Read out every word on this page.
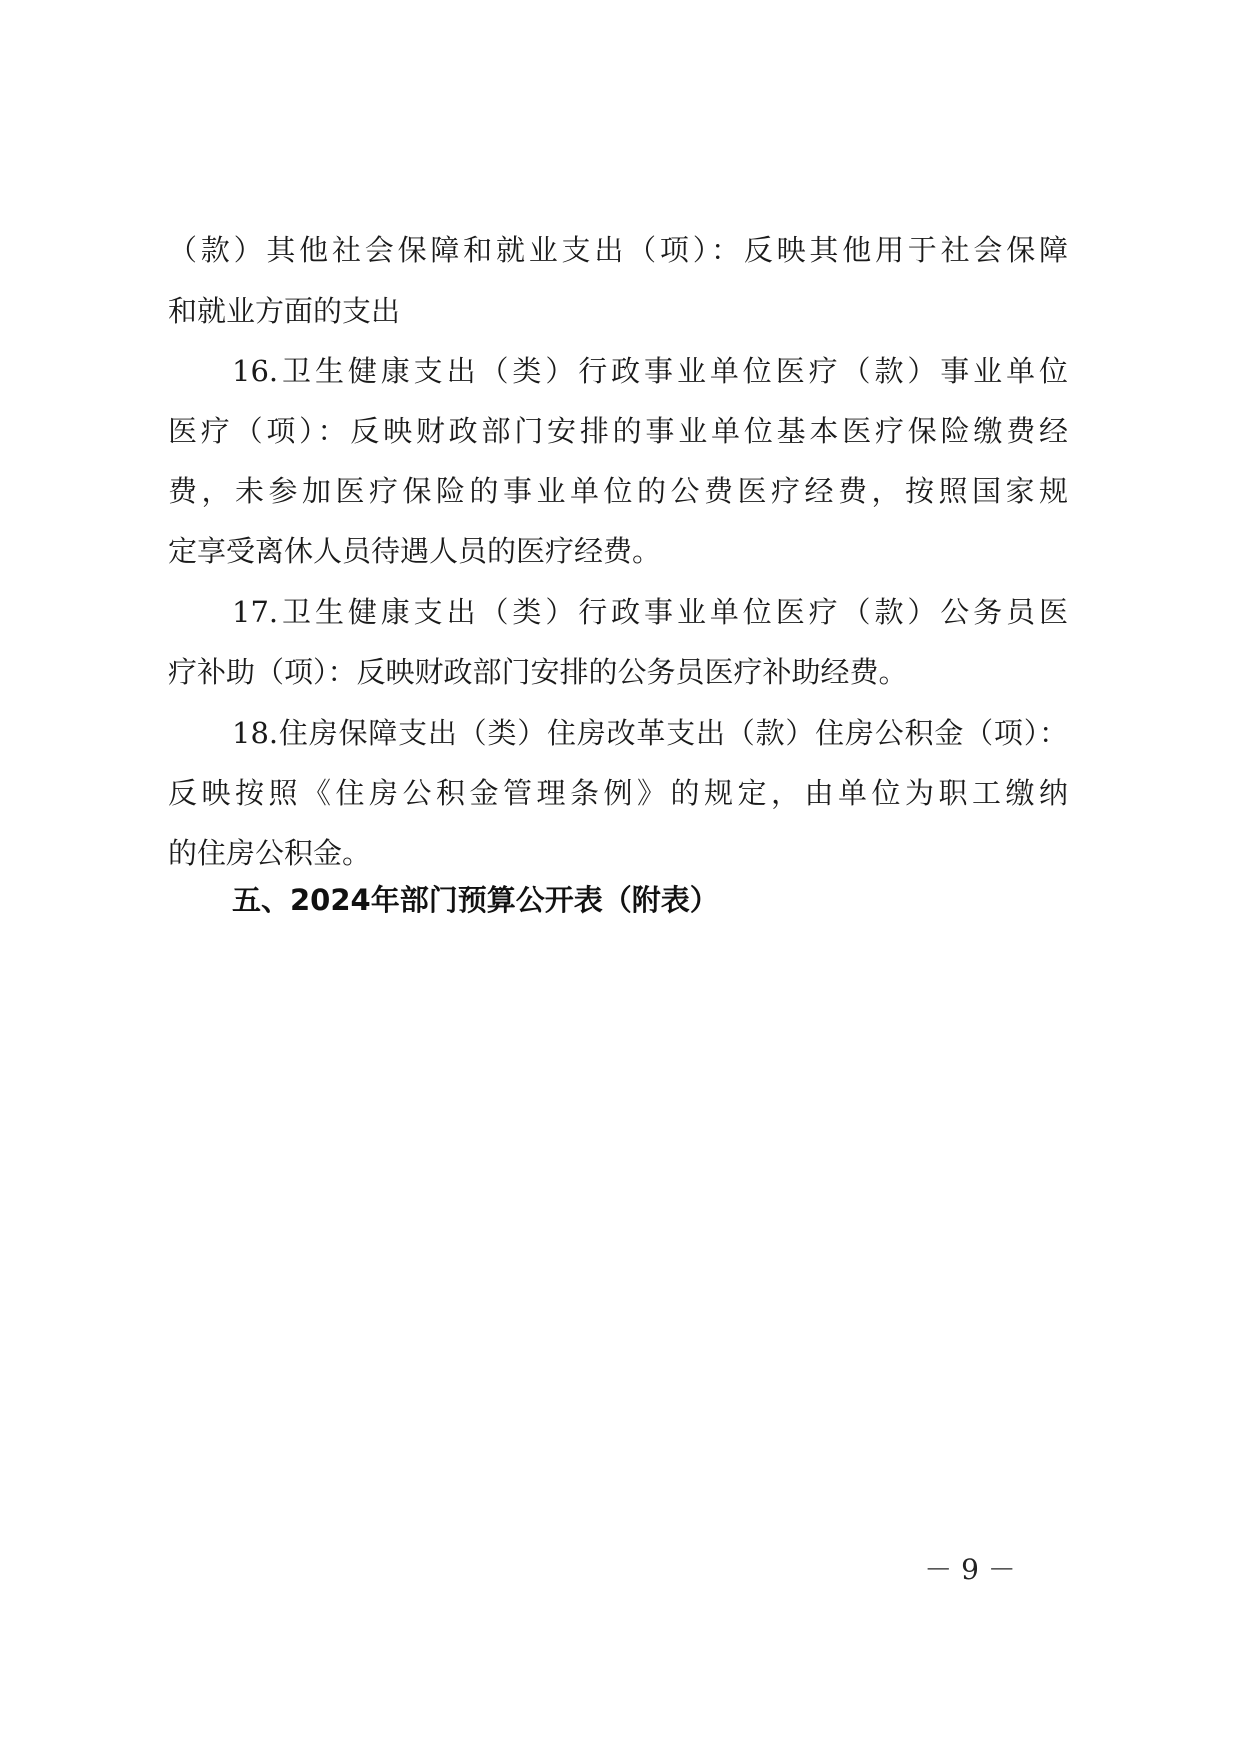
（款）其他社会保障和就业支出（项）：反映其他用于社会保障

和就业方面的支出

16.卫生健康支出（类）行政事业单位医疗（款）事业单位

医疗（项）：反映财政部门安排的事业单位基本医疗保险缴费经

费，未参加医疗保险的事业单位的公费医疗经费，按照国家规

定享受离休人员待遇人员的医疗经费。

17.卫生健康支出（类）行政事业单位医疗（款）公务员医

疗补助（项）：反映财政部门安排的公务员医疗补助经费。

18.住房保障支出（类）住房改革支出（款）住房公积金（项）：

反映按照《住房公积金管理条例》的规定，由单位为职工缴纳

的住房公积金。

五、2024年部门预算公开表（附表）

－ 9 －
